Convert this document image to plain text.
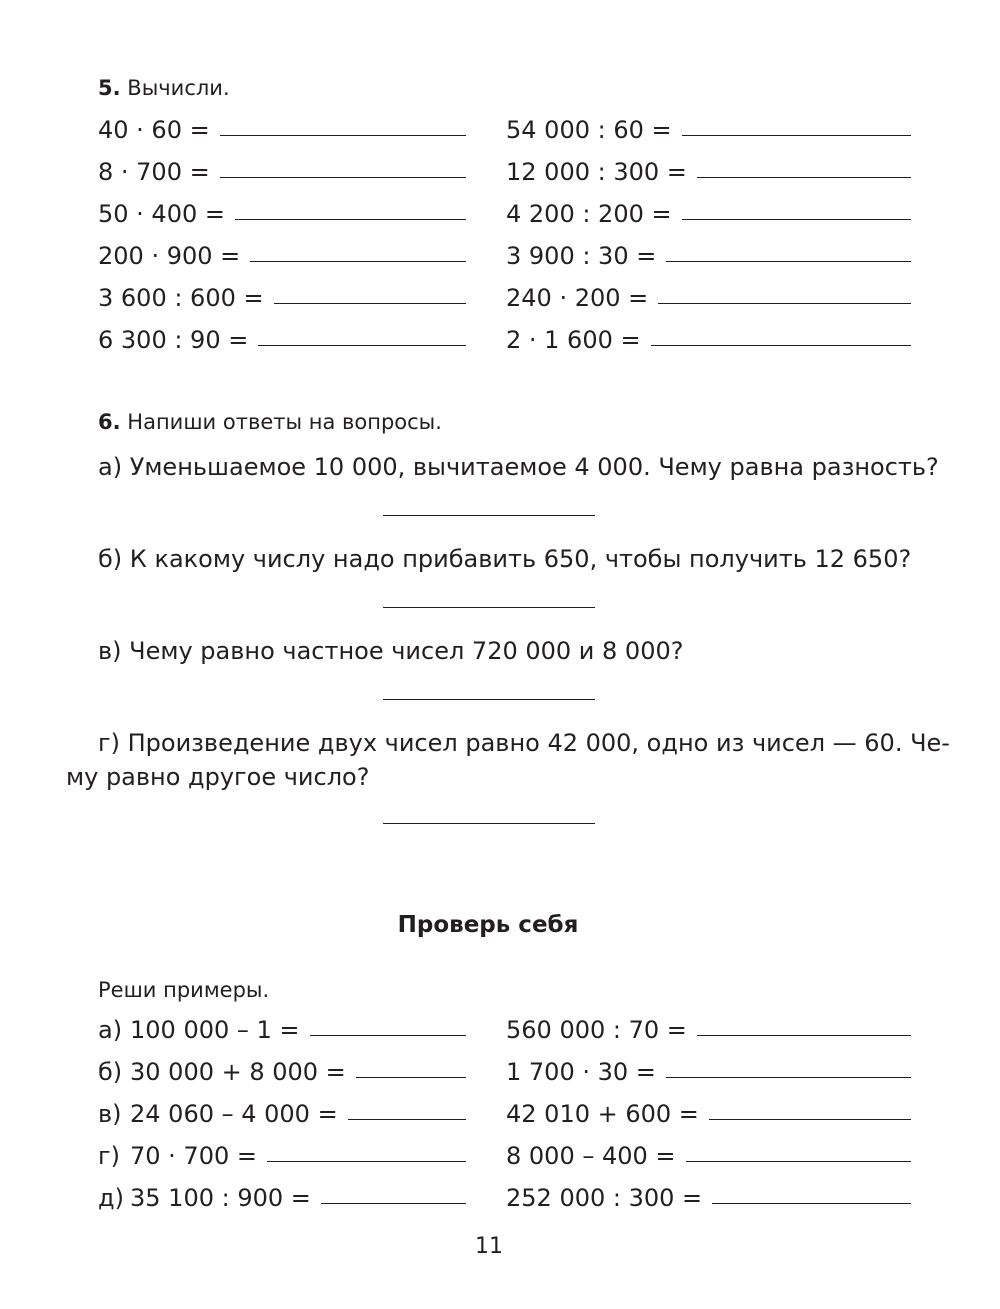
5. Вычисли.
40 · 60 =
8 · 700 =
50 · 400 =
200 · 900 =
3 600 : 600 =
6 300 : 90 =
54 000 : 60 =
12 000 : 300 =
4 200 : 200 =
3 900 : 30 =
240 · 200 =
2 · 1 600 =
6. Напиши ответы на вопросы.
а) Уменьшаемое 10 000, вычитаемое 4 000. Чему равна разность?
б) К какому числу надо прибавить 650, чтобы получить 12 650?
в) Чему равно частное чисел 720 000 и 8 000?
г) Произведение двух чисел равно 42 000, одно из чисел — 60. Че-
му равно другое число?
Проверь себя
Реши примеры.
а) 100 000 – 1 =
б) 30 000 + 8 000 =
в) 24 060 – 4 000 =
г) 70 · 700 =
д) 35 100 : 900 =
560 000 : 70 =
1 700 · 30 =
42 010 + 600 =
8 000 – 400 =
252 000 : 300 =
11
